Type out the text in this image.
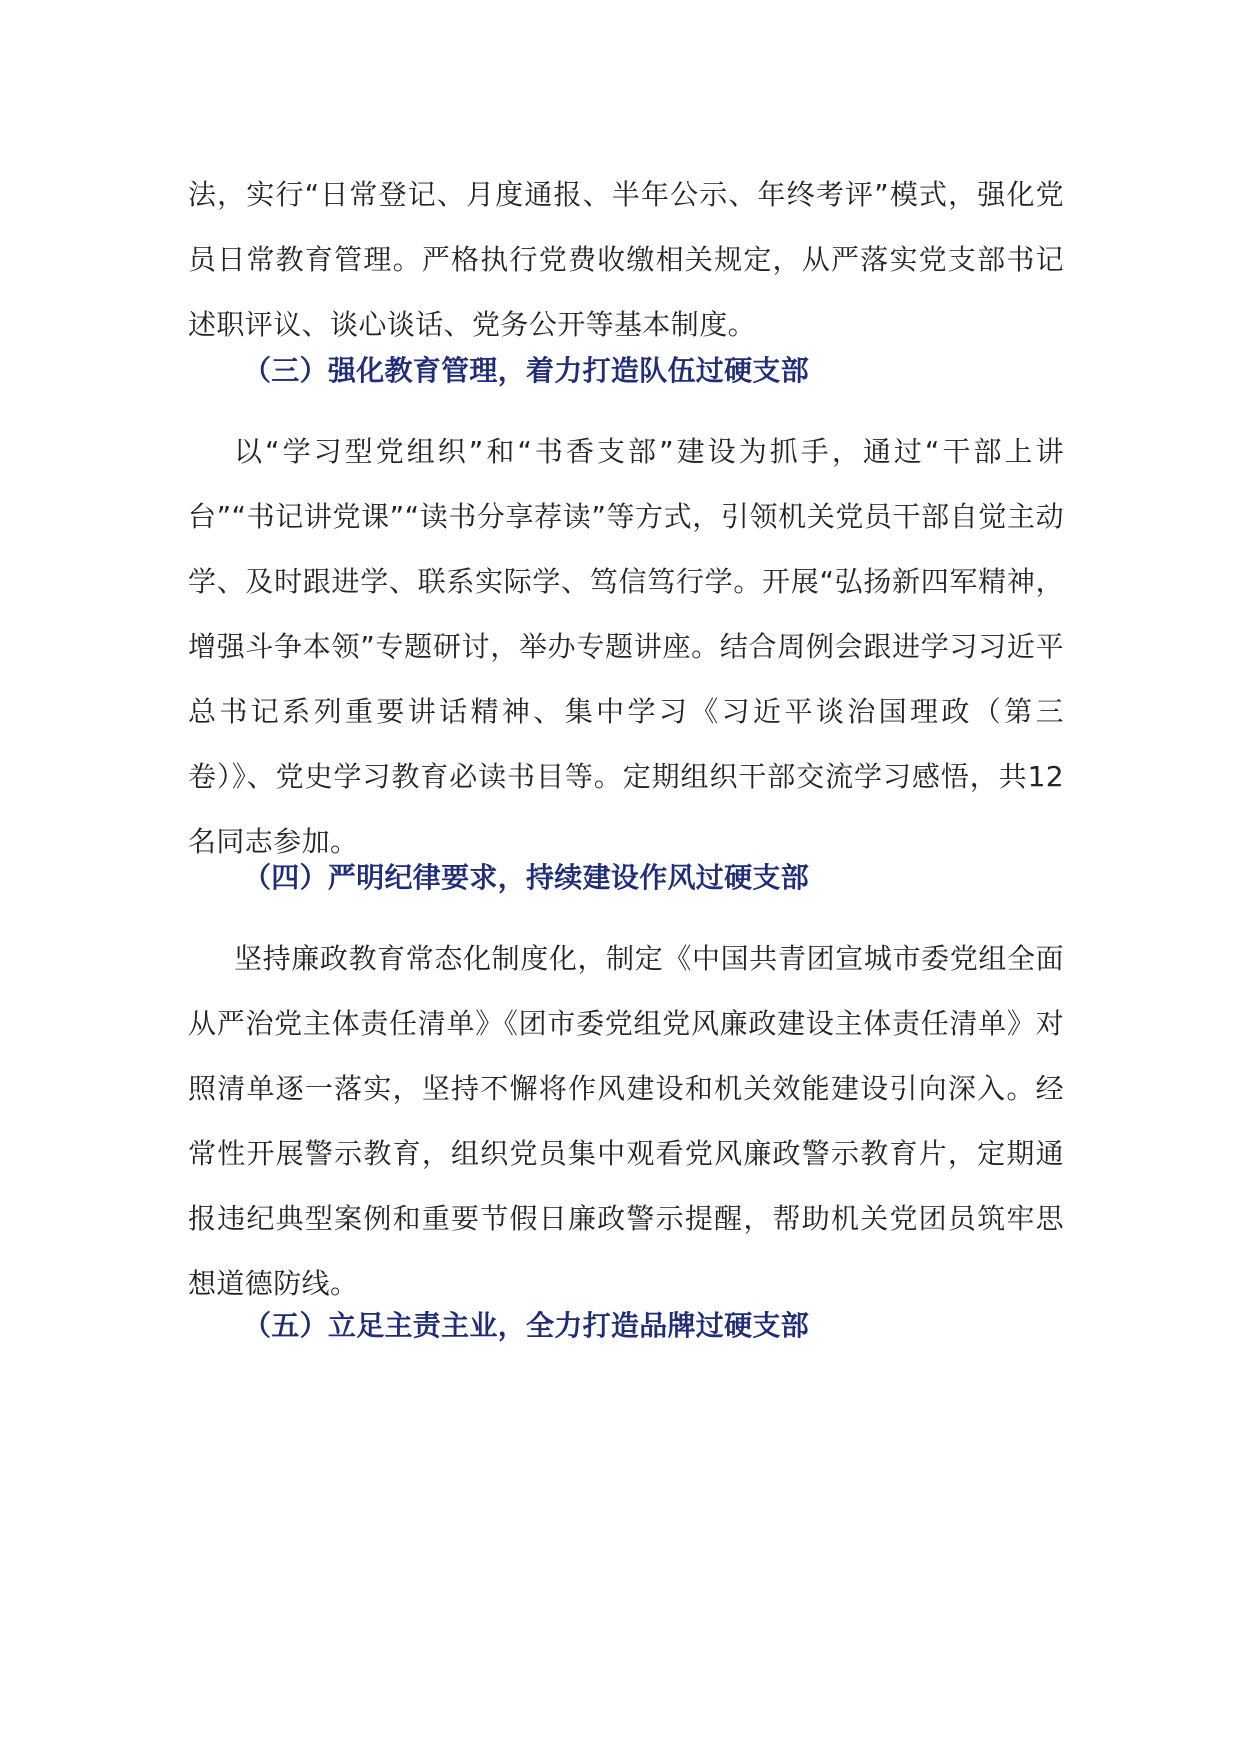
法，实行“日常登记、月度通报、半年公示、年终考评”模式，强化党员日常教育管理。严格执行党费收缴相关规定，从严落实党支部书记述职评议、谈心谈话、党务公开等基本制度。

（三）强化教育管理，着力打造队伍过硬支部

以“学习型党组织”和“书香支部”建设为抓手，通过“干部上讲台”“书记讲党课”“读书分享荐读”等方式，引领机关党员干部自觉主动学、及时跟进学、联系实际学、笃信笃行学。开展“弘扬新四军精神，增强斗争本领”专题研讨，举办专题讲座。结合周例会跟进学习习近平总书记系列重要讲话精神、集中学习《习近平谈治国理政（第三卷）》、党史学习教育必读书目等。定期组织干部交流学习感悟，共12名同志参加。

（四）严明纪律要求，持续建设作风过硬支部

坚持廉政教育常态化制度化，制定《中国共青团宣城市委党组全面从严治党主体责任清单》《团市委党组党风廉政建设主体责任清单》对照清单逐一落实，坚持不懈将作风建设和机关效能建设引向深入。经常性开展警示教育，组织党员集中观看党风廉政警示教育片，定期通报违纪典型案例和重要节假日廉政警示提醒，帮助机关党团员筑牢思想道德防线。

（五）立足主责主业，全力打造品牌过硬支部
